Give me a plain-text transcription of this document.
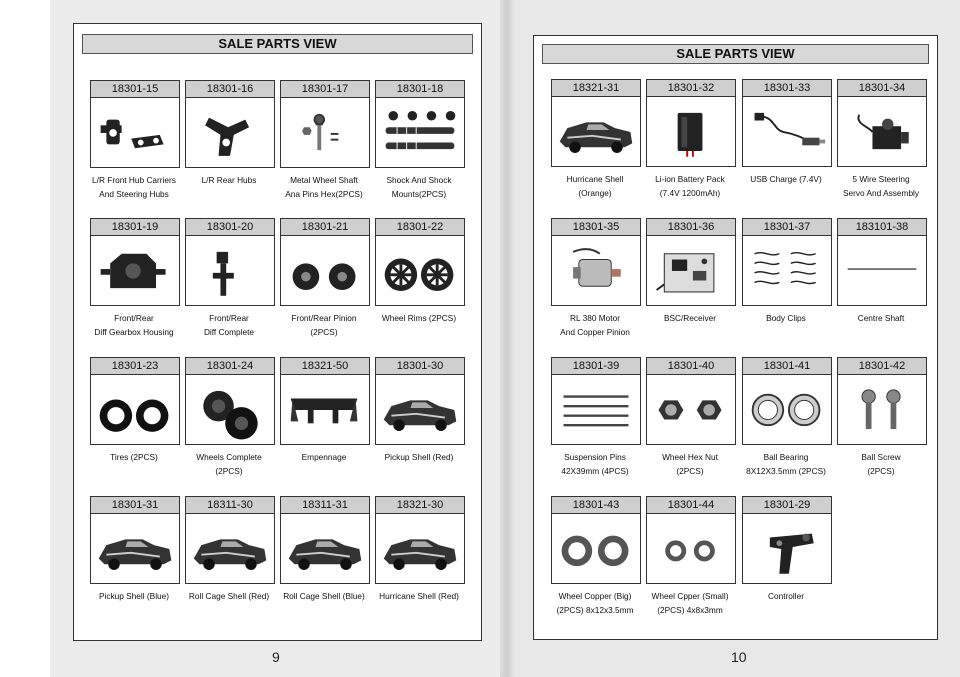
SALE PARTS VIEW
SALE PARTS VIEW
18301-15
L/R Front Hub Carriers
And Steering Hubs
18301-16
L/R Rear Hubs
18301-17
Metal Wheel Shaft
Ana Pins Hex(2PCS)
18301-18
Shock And Shock
Mounts(2PCS)
18301-19
Front/Rear
Diff Gearbox Housing
18301-20
Front/Rear
Diff Complete
18301-21
Front/Rear Pinion
(2PCS)
18301-22
Wheel Rims (2PCS)
18301-23
Tires (2PCS)
18301-24
Wheels Complete
(2PCS)
18321-50
Empennage
18301-30
Pickup Shell (Red)
18301-31
Pickup Shell (Blue)
18311-30
Roll Cage Shell (Red)
18311-31
Roll Cage Shell (Blue)
18321-30
Hurricane Shell (Red)
18321-31
Hurricane Shell
(Orange)
18301-32
Li-ion Battery Pack
(7.4V 1200mAh)
18301-33
USB Charge (7.4V)
18301-34
5 Wire Steering
Servo And Assembly
18301-35
RL 380 Motor
And Copper Pinion
18301-36
BSC/Receiver
18301-37
Body Clips
183101-38
Centre Shaft
18301-39
Suspension Pins
42X39mm (4PCS)
18301-40
Wheel Hex Nut
(2PCS)
18301-41
Ball Bearing
8X12X3.5mm (2PCS)
18301-42
Ball Screw
(2PCS)
18301-43
Wheel Copper (Big)
(2PCS) 8x12x3.5mm
18301-44
Wheel Cpper (Small)
(2PCS) 4x8x3mm
18301-29
Controller
9	10
